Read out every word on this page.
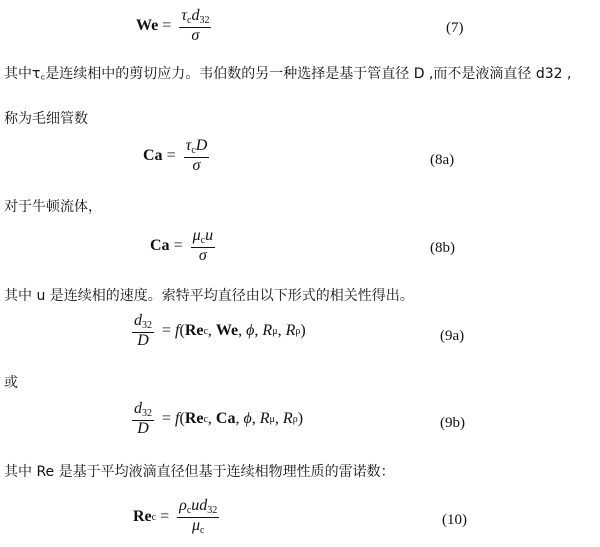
$We = \frac{\tau_cd_{32}}{\sigma}$	(7)
其中τ꜀是连续相中的剪切应力。韦伯数的另一种选择是基于管直径 D ,而不是液滴直径 d32 ,
称为毛细管数
$Ca = \frac{\tau_cD}{\sigma}$	(8a)
对于牛顿流体，
$Ca = \frac{\mu_cu}{\sigma}$	(8b)
其中 u 是连续相的速度。索特平均直径由以下形式的相关性得出。
$\frac{d_{32}}{D} = f$ ( Re c , We , ϕ , R μ , R ρ )	(9a)
或
$\frac{d_{32}}{D} = f$ ( Re c , Ca , ϕ , R μ , R ρ )	(9b)
其中 Re 是基于平均液滴直径但基于连续相物理性质的雷诺数：
Re $c = \frac{\rho_cud_{32}}{\mu_c}$	(10)
